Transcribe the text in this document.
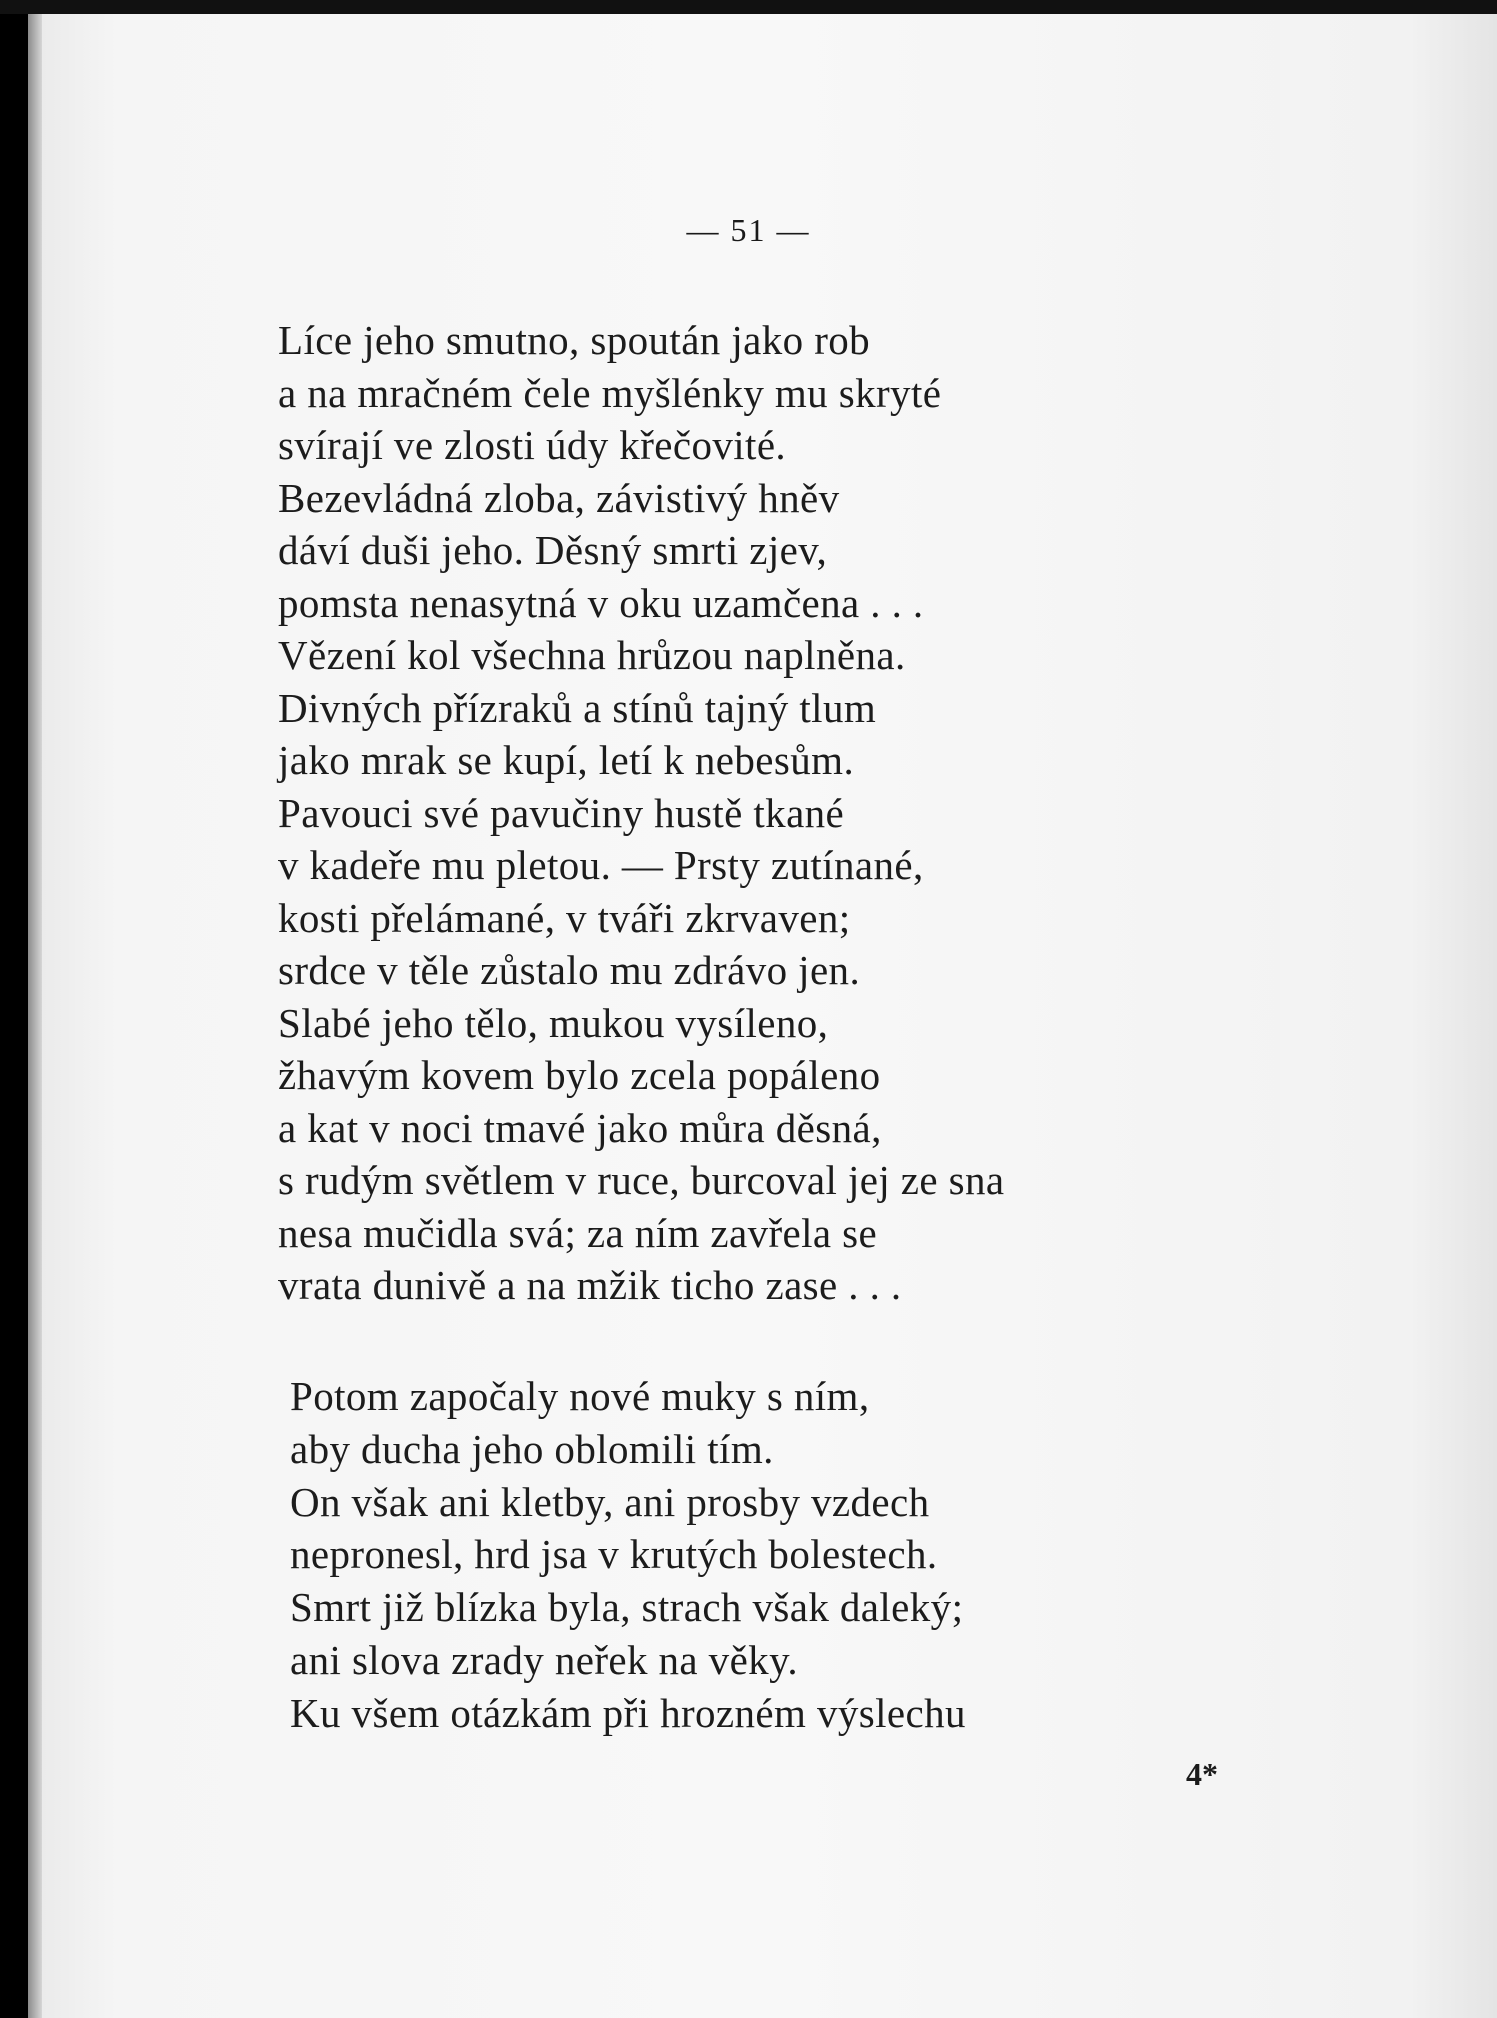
— 51 —
Líce jeho smutno, spoután jako rob
a na mračném čele myšlénky mu skryté
svírají ve zlosti údy křečovité.
Bezevládná zloba, závistivý hněv
dáví duši jeho. Děsný smrti zjev,
pomsta nenasytná v oku uzamčena . . .
Vězení kol všechna hrůzou naplněna.
Divných přízraků a stínů tajný tlum
jako mrak se kupí, letí k nebesům.
Pavouci své pavučiny hustě tkané
v kadeře mu pletou. — Prsty zutínané,
kosti přelámané, v tváři zkrvaven;
srdce v těle zůstalo mu zdrávo jen.
Slabé jeho tělo, mukou vysíleno,
žhavým kovem bylo zcela popáleno
a kat v noci tmavé jako můra děsná,
s rudým světlem v ruce, burcoval jej ze sna
nesa mučidla svá; za ním zavřela se
vrata dunivě a na mžik ticho zase . . .
Potom započaly nové muky s ním,
aby ducha jeho oblomili tím.
On však ani kletby, ani prosby vzdech
nepronesl, hrd jsa v krutých bolestech.
Smrt již blízka byla, strach však daleký;
ani slova zrady neřek na věky.
Ku všem otázkám při hrozném výslechu
4*
